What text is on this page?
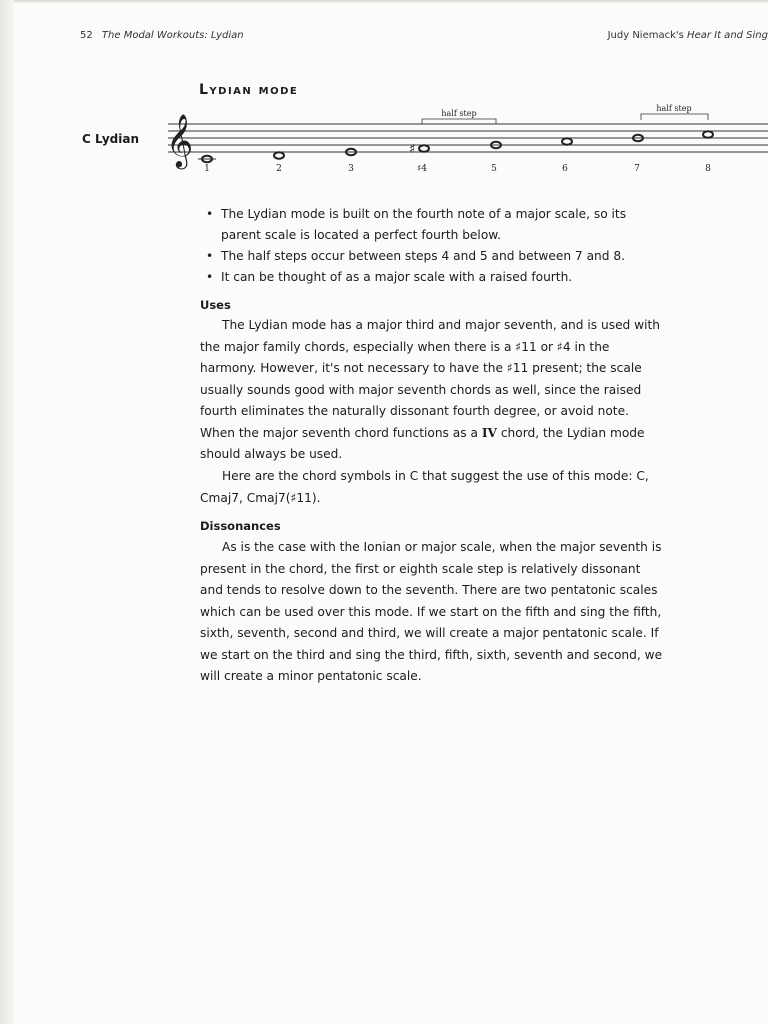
52 The Modal Workouts: Lydian	Judy Niemack's Hear It and Sing
Lydian mode
C Lydian 𝄞	half step
half step
♯
1	2	3	♯4	5	6	7	8
• The Lydian mode is built on the fourth note of a major scale, so its parent scale is located a perfect fourth below.
• The half steps occur between steps 4 and 5 and between 7 and 8.
• It can be thought of as a major scale with a raised fourth.
Uses

The Lydian mode has a major third and major seventh, and is used with the major family chords, especially when there is a ♯11 or ♯4 in the harmony. However, it's not necessary to have the ♯11 present; the scale usually sounds good with major seventh chords as well, since the raised fourth eliminates the naturally dissonant fourth degree, or avoid note. When the major seventh chord functions as a IV chord, the Lydian mode should always be used.

Here are the chord symbols in C that suggest the use of this mode: C, Cmaj7, Cmaj7(♯11).

Dissonances

As is the case with the Ionian or major scale, when the major seventh is present in the chord, the first or eighth scale step is relatively dissonant and tends to resolve down to the seventh. There are two pentatonic scales which can be used over this mode. If we start on the fifth and sing the fifth, sixth, seventh, second and third, we will create a major pentatonic scale. If we start on the third and sing the third, fifth, sixth, seventh and second, we will create a minor pentatonic scale.
